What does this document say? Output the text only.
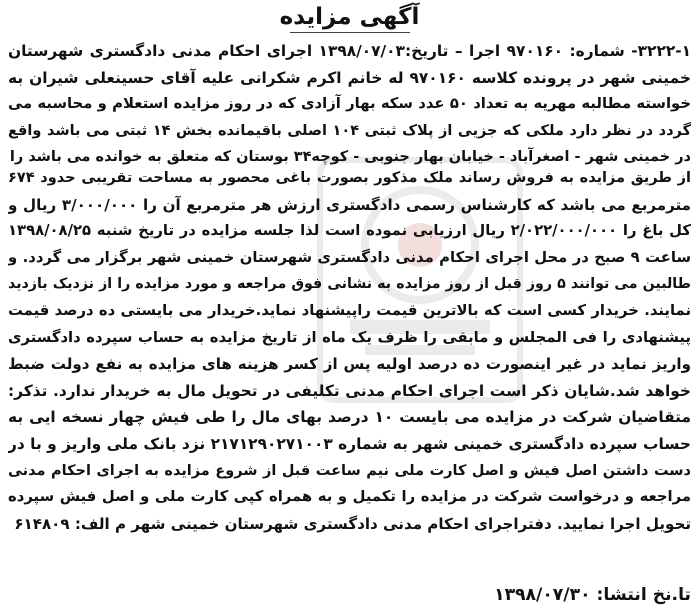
آگهی مزایده
۳۲۲۲-۱- شماره: ۹۷۰۱۶۰ اجرا – تاریخ:۱۳۹۸/۰۷/۰۳ اجرای احکام مدنی دادگستری شهرستان
خمینی شهر در پرونده کلاسه ۹۷۰۱۶۰ له خانم اکرم شکرانی علیه آقای حسینعلی شیران به
خواسته مطالبه مهریه به تعداد ۵۰ عدد سکه بهار آزادی که در روز مزایده استعلام و محاسبه می
گردد در نظر دارد ملکی که جزیی از پلاک ثبتی ۱۰۴ اصلی باقیمانده بخش ۱۴ ثبتی می باشد واقع
در خمینی شهر - اصغرآباد - خیابان بهار جنوبی - کوچه۳۴ بوستان که متعلق به خوانده می باشد را
از طریق مزایده به فروش رساند ملک مذکور بصورت باغی محصور به مساحت تقریبی حدود ۶۷۴
مترمربع می باشد که کارشناس رسمی دادگستری ارزش هر مترمربع آن را ۳/۰۰۰/۰۰۰ ریال و
کل باغ را ۲/۰۲۲/۰۰۰/۰۰۰ ریال ارزیابی نموده است لذا جلسه مزایده در تاریخ شنبه ۱۳۹۸/۰۸/۲۵
ساعت ۹ صبح در محل اجرای احکام مدنی دادگستری شهرستان خمینی شهر برگزار می گردد. و
طالبین می توانند ۵ روز قبل از روز مزایده به نشانی فوق مراجعه و مورد مزایده را از نزدیک بازدید
نمایند. خریدار کسی است که بالاترین قیمت راپیشنهاد نماید.خریدار می بایستی ده درصد قیمت
پیشنهادی را فی المجلس و مابقی را ظرف یک ماه از تاریخ مزایده به حساب سپرده دادگستری
واریز نماید در غیر اینصورت ده درصد اولیه پس از کسر هزینه های مزایده به نفع دولت ضبط
خواهد شد.شایان ذکر است اجرای احکام مدنی تکلیفی در تحویل مال به خریدار ندارد. تذکر:
متقاضیان شرکت در مزایده می بایست ۱۰ درصد بهای مال را طی فیش چهار نسخه ایی به
حساب سپرده دادگستری خمینی شهر به شماره ۲۱۷۱۲۹۰۲۷۱۰۰۳ نزد بانک ملی واریز و با در
دست داشتن اصل فیش و اصل کارت ملی نیم ساعت قبل از شروع مزایده به اجرای احکام مدنی
مراجعه و درخواست شرکت در مزایده را تکمیل و به همراه کپی کارت ملی و اصل فیش سپرده
تحویل اجرا نمایید. دفتراجرای احکام مدنی دادگستری شهرستان خمینی شهر م الف: ۶۱۴۸۰۹
تا.نخ انتشا: ۱۳۹۸/۰۷/۳۰
